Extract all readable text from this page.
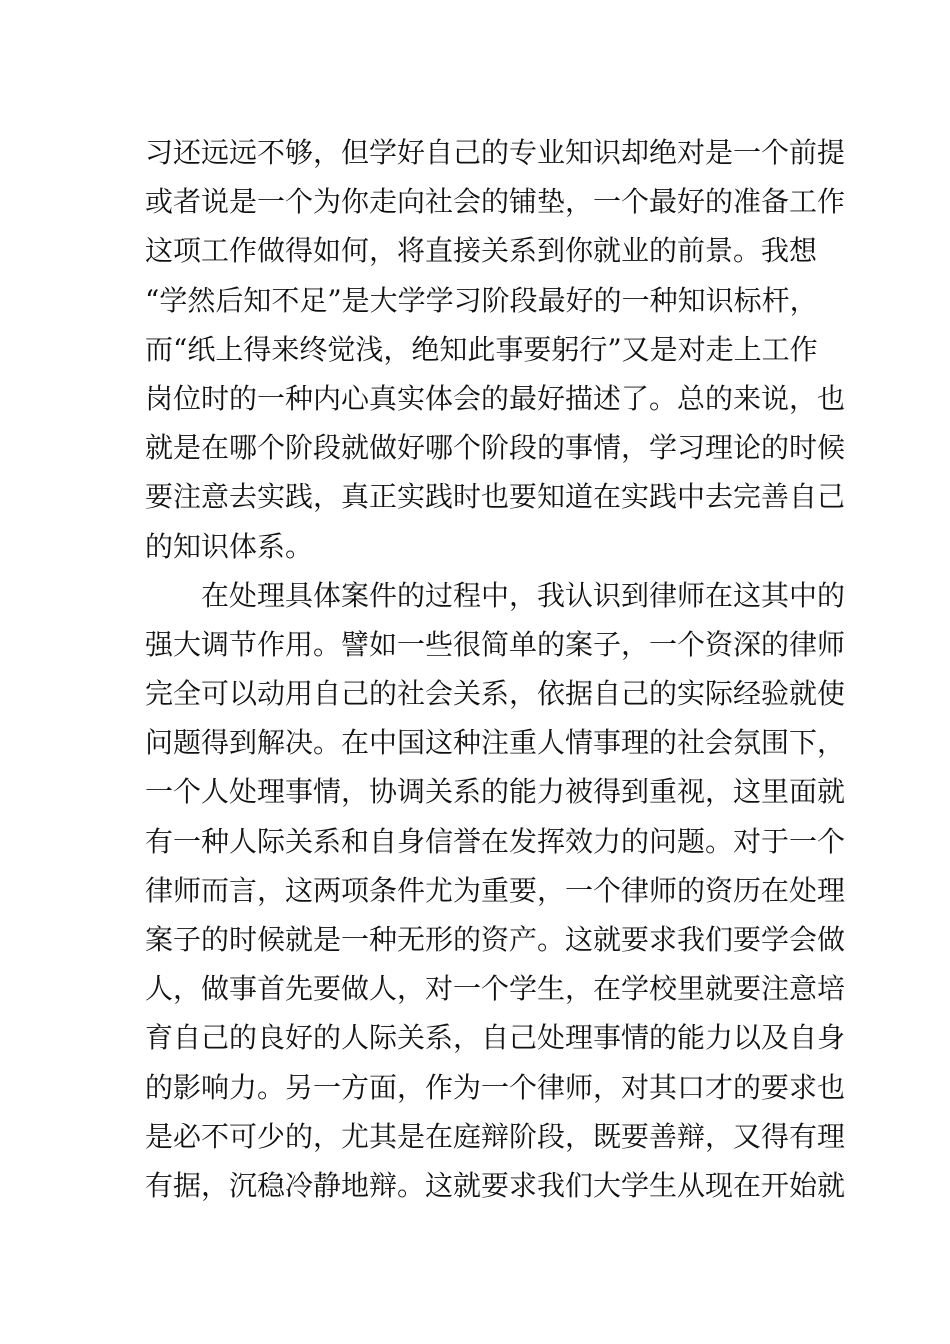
习还远远不够，但学好自己的专业知识却绝对是一个前提
或者说是一个为你走向社会的铺垫，一个最好的准备工作
这项工作做得如何，将直接关系到你就业的前景。我想
“学然后知不足”是大学学习阶段最好的一种知识标杆，
而“纸上得来终觉浅，绝知此事要躬行”又是对走上工作
岗位时的一种内心真实体会的最好描述了。总的来说，也
就是在哪个阶段就做好哪个阶段的事情，学习理论的时候
要注意去实践，真正实践时也要知道在实践中去完善自己
的知识体系。
在处理具体案件的过程中，我认识到律师在这其中的
强大调节作用。譬如一些很简单的案子，一个资深的律师
完全可以动用自己的社会关系，依据自己的实际经验就使
问题得到解决。在中国这种注重人情事理的社会氛围下，
一个人处理事情，协调关系的能力被得到重视，这里面就
有一种人际关系和自身信誉在发挥效力的问题。对于一个
律师而言，这两项条件尤为重要，一个律师的资历在处理
案子的时候就是一种无形的资产。这就要求我们要学会做
人，做事首先要做人，对一个学生，在学校里就要注意培
育自己的良好的人际关系，自己处理事情的能力以及自身
的影响力。另一方面，作为一个律师，对其口才的要求也
是必不可少的，尤其是在庭辩阶段，既要善辩，又得有理
有据，沉稳冷静地辩。这就要求我们大学生从现在开始就
